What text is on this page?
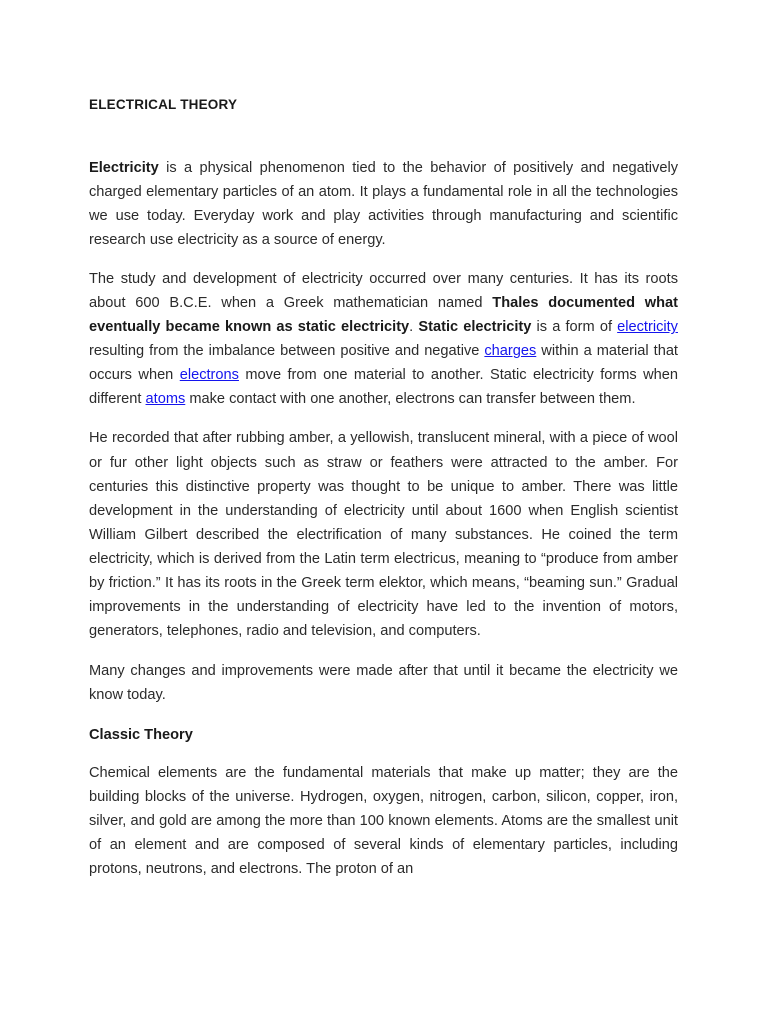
ELECTRICAL THEORY

Electricity is a physical phenomenon tied to the behavior of positively and negatively charged elementary particles of an atom. It plays a fundamental role in all the technologies we use today. Everyday work and play activities through manufacturing and scientific research use electricity as a source of energy.

The study and development of electricity occurred over many centuries. It has its roots about 600 B.C.E. when a Greek mathematician named Thales documented what eventually became known as static electricity. Static electricity is a form of electricity resulting from the imbalance between positive and negative charges within a material that occurs when electrons move from one material to another. Static electricity forms when different atoms make contact with one another, electrons can transfer between them.

He recorded that after rubbing amber, a yellowish, translucent mineral, with a piece of wool or fur other light objects such as straw or feathers were attracted to the amber. For centuries this distinctive property was thought to be unique to amber. There was little development in the understanding of electricity until about 1600 when English scientist William Gilbert described the electrification of many substances. He coined the term electricity, which is derived from the Latin term electricus, meaning to “produce from amber by friction.” It has its roots in the Greek term elektor, which means, “beaming sun.” Gradual improvements in the understanding of electricity have led to the invention of motors, generators, telephones, radio and television, and computers.

Many changes and improvements were made after that until it became the electricity we know today.

Classic Theory

Chemical elements are the fundamental materials that make up matter; they are the building blocks of the universe. Hydrogen, oxygen, nitrogen, carbon, silicon, copper, iron, silver, and gold are among the more than 100 known elements. Atoms are the smallest unit of an element and are composed of several kinds of elementary particles, including protons, neutrons, and electrons. The proton of an
